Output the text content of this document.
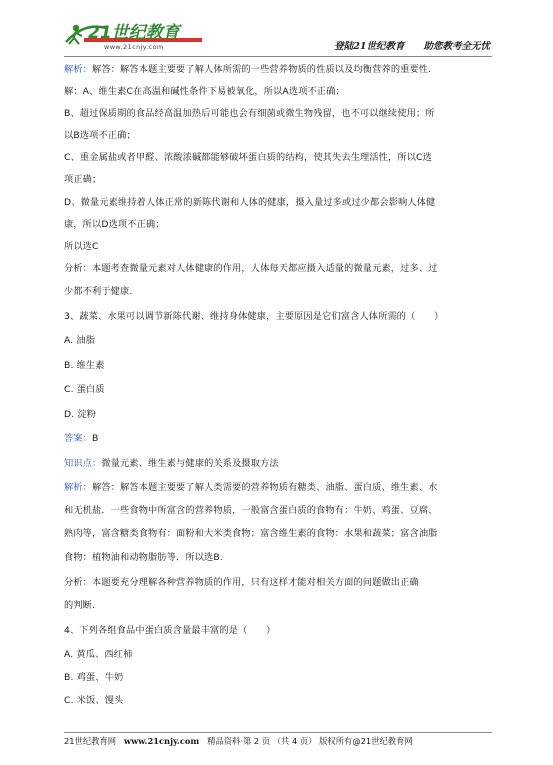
21世纪教育
www.21cnjy.com	登陆21世纪教育　　助您教考全无忧
解析：解答：解答本题主要要了解人体所需的一些营养物质的性质以及均衡营养的重要性.
解：A、维生素C在高温和碱性条件下易被氧化，所以A选项不正确；
B、超过保质期的食品经高温加热后可能也会有细菌或微生物残留，也不可以继续使用；所
以B选项不正确；
C、重金属盐或者甲醛、浓酸浓碱都能够破坏蛋白质的结构，使其失去生理活性，所以C选
项正确；
D、微量元素维持着人体正常的新陈代谢和人体的健康，摄入量过多或过少都会影响人体健
康，所以D选项不正确；
所以选C
分析：本题考查微量元素对人体健康的作用，人体每天都应摄入适量的微量元素，过多、过
少都不利于健康.
3、蔬菜、水果可以调节新陈代谢、维持身体健康，主要原因是它们富含人体所需的（　　）
A. 油脂
B. 维生素
C. 蛋白质
D. 淀粉
答案：B
知识点：微量元素、维生素与健康的关系及摄取方法
解析：解答：解答本题主要要了解人类需要的营养物质有糖类、油脂、蛋白质、维生素、水
和无机盐．一些食物中所富含的营养物质，一般富含蛋白质的食物有：牛奶、鸡蛋、豆腐、
熟肉等，富含糖类食物有：面粉和大米类食物；富含维生素的食物：水果和蔬菜；富含油脂
食物：植物油和动物脂肪等．所以选B.
分析：本题要充分理解各种营养物质的作用，只有这样才能对相关方面的问题做出正确
的判断.
4、下列各组食品中蛋白质含量最丰富的是（　　）
A. 黄瓜、西红柿
B. 鸡蛋、牛奶
C. 米饭、馒头
21世纪教育网 www.21cnjy.com 精品资料·第 2 页 （共 4 页） 版权所有@21世纪教育网
